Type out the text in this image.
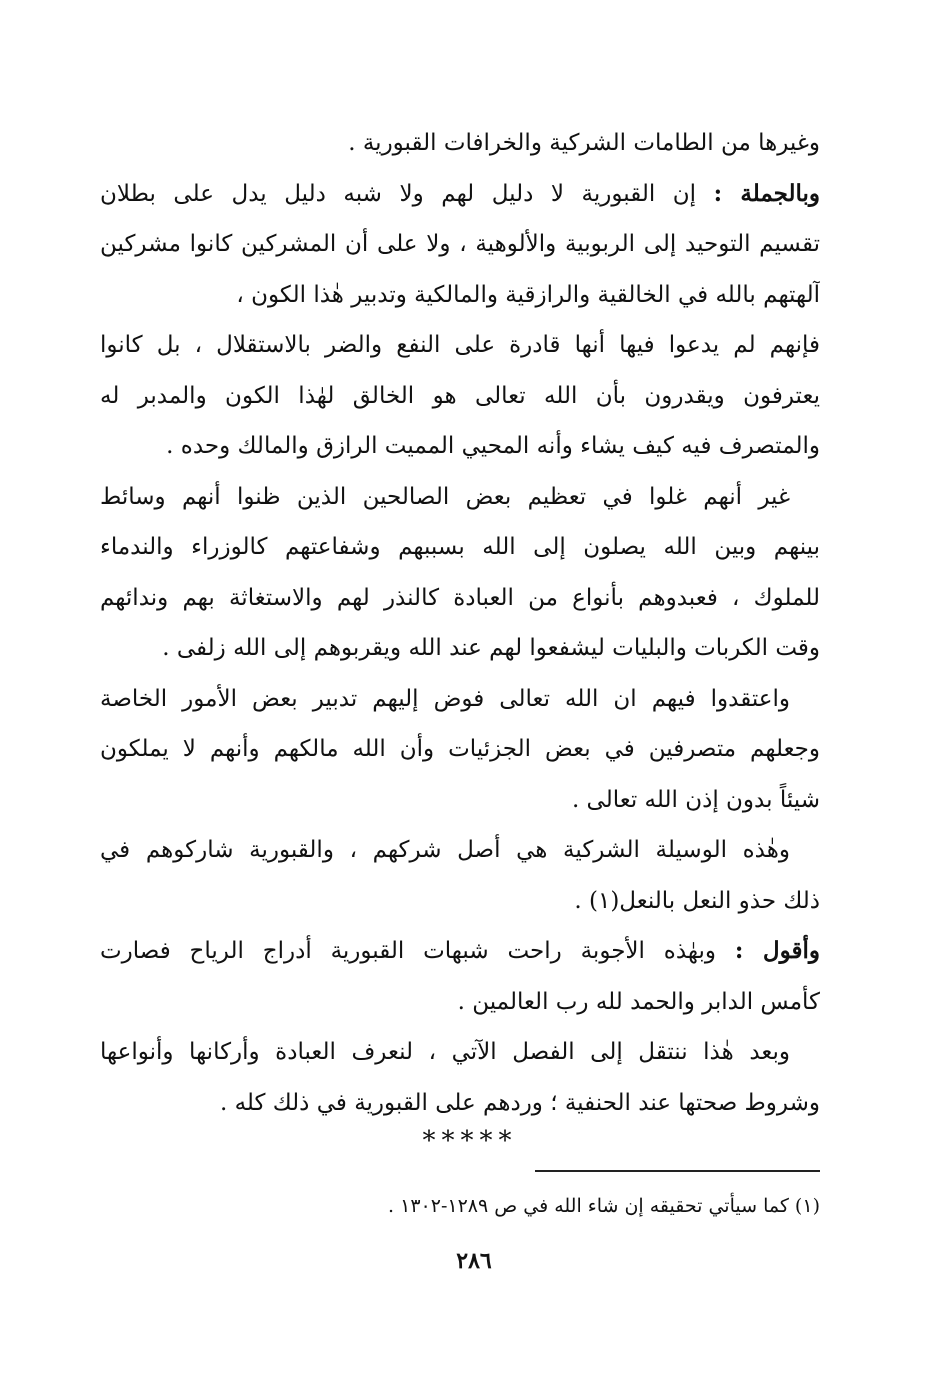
وغيرها من الطامات الشركية والخرافات القبورية .
وبالجملة : إن القبورية لا دليل لهم ولا شبه دليل يدل على بطلان
تقسيم التوحيد إلى الربوبية والألوهية ، ولا على أن المشركين كانوا مشركين
آلهتهم بالله في الخالقية والرازقية والمالكية وتدبير هٰذا الكون ،
فإنهم لم يدعوا فيها أنها قادرة على النفع والضر بالاستقلال ، بل كانوا
يعترفون ويقدرون بأن الله تعالى هو الخالق لهٰذا الكون والمدبر له
والمتصرف فيه كيف يشاء وأنه المحيي المميت الرازق والمالك وحده .
غير أنهم غلوا في تعظيم بعض الصالحين الذين ظنوا أنهم وسائط
بينهم وبين الله يصلون إلى الله بسببهم وشفاعتهم كالوزراء والندماء
للملوك ، فعبدوهم بأنواع من العبادة كالنذر لهم والاستغاثة بهم وندائهم
وقت الكربات والبليات ليشفعوا لهم عند الله ويقربوهم إلى الله زلفى .
واعتقدوا فيهم ان الله تعالى فوض إليهم تدبير بعض الأمور الخاصة
وجعلهم متصرفين في بعض الجزئيات وأن الله مالكهم وأنهم لا يملكون
شيئاً بدون إذن الله تعالى .
وهٰذه الوسيلة الشركية هي أصل شركهم ، والقبورية شاركوهم في
ذلك حذو النعل بالنعل(١) .
وأقول : وبهٰذه الأجوبة راحت شبهات القبورية أدراج الرياح فصارت
كأمس الدابر والحمد لله رب العالمين .
وبعد هٰذا ننتقل إلى الفصل الآتي ، لنعرف العبادة وأركانها وأنواعها
وشروط صحتها عند الحنفية ؛ وردهم على القبورية في ذلك كله .
*****
(١) كما سيأتي تحقيقه إن شاء الله في ص ١٢٨٩-١٣٠٢ .
٢٨٦
